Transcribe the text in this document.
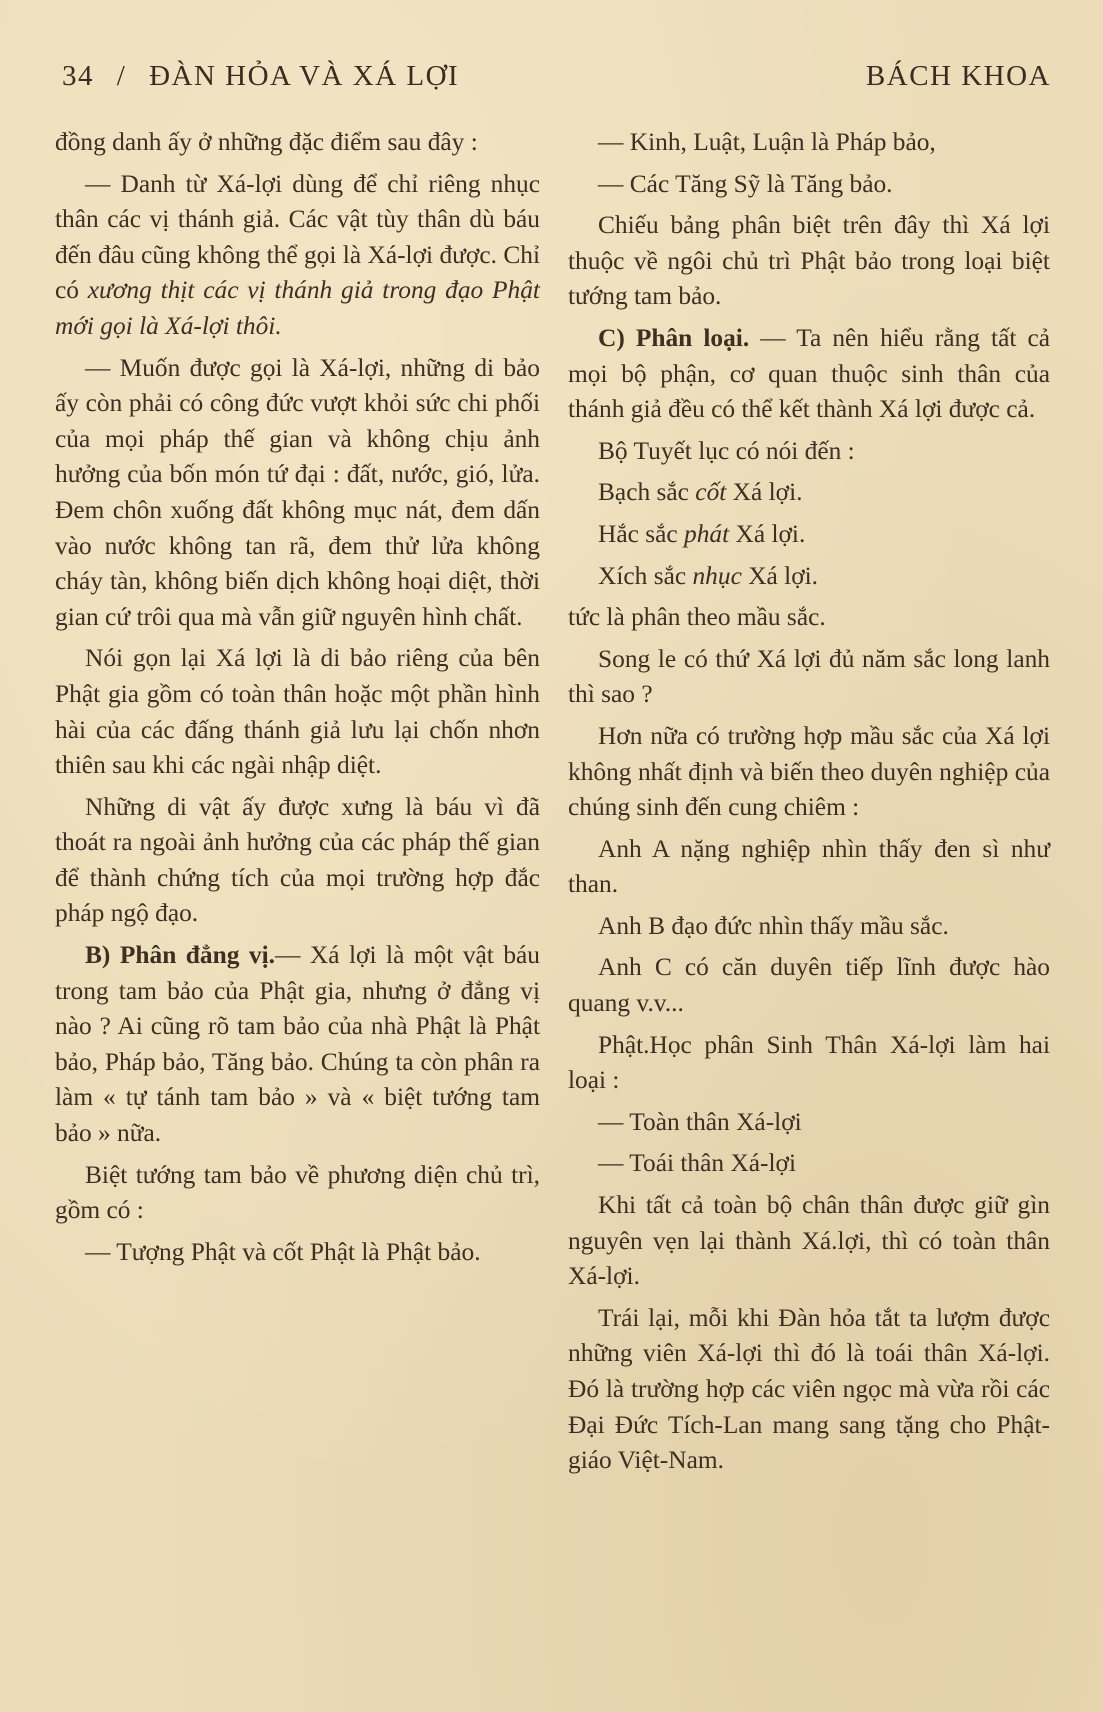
34 / ĐÀN HỎA VÀ XÁ LỢI	BÁCH KHOA

đồng danh ấy ở những đặc điểm sau đây :

— Danh từ Xá-lợi dùng để chỉ riêng nhục thân các vị thánh giả. Các vật tùy thân dù báu đến đâu cũng không thể gọi là Xá-lợi được. Chỉ có xương thịt các vị thánh giả trong đạo Phật mới gọi là Xá-lợi thôi.

— Muốn được gọi là Xá-lợi, những di bảo ấy còn phải có công đức vượt khỏi sức chi phối của mọi pháp thế gian và không chịu ảnh hưởng của bốn món tứ đại : đất, nước, gió, lửa. Đem chôn xuống đất không mục nát, đem dấn vào nước không tan rã, đem thử lửa không cháy tàn, không biến dịch không hoại diệt, thời gian cứ trôi qua mà vẫn giữ nguyên hình chất.

Nói gọn lại Xá lợi là di bảo riêng của bên Phật gia gồm có toàn thân hoặc một phần hình hài của các đấng thánh giả lưu lại chốn nhơn thiên sau khi các ngài nhập diệt.

Những di vật ấy được xưng là báu vì đã thoát ra ngoài ảnh hưởng của các pháp thế gian để thành chứng tích của mọi trường hợp đắc pháp ngộ đạo.

B) Phân đẳng vị.— Xá lợi là một vật báu trong tam bảo của Phật gia, nhưng ở đẳng vị nào ? Ai cũng rõ tam bảo của nhà Phật là Phật bảo, Pháp bảo, Tăng bảo. Chúng ta còn phân ra làm « tự tánh tam bảo » và « biệt tướng tam bảo » nữa.

Biệt tướng tam bảo về phương diện chủ trì, gồm có :

— Tượng Phật và cốt Phật là Phật bảo.

— Kinh, Luật, Luận là Pháp bảo,

— Các Tăng Sỹ là Tăng bảo.

Chiếu bảng phân biệt trên đây thì Xá lợi thuộc về ngôi chủ trì Phật bảo trong loại biệt tướng tam bảo.

C) Phân loại. — Ta nên hiểu rằng tất cả mọi bộ phận, cơ quan thuộc sinh thân của thánh giả đều có thể kết thành Xá lợi được cả.

Bộ Tuyết lục có nói đến :

Bạch sắc cốt Xá lợi.

Hắc sắc phát Xá lợi.

Xích sắc nhục Xá lợi.

tức là phân theo mầu sắc.

Song le có thứ Xá lợi đủ năm sắc long lanh thì sao ?

Hơn nữa có trường hợp mầu sắc của Xá lợi không nhất định và biến theo duyên nghiệp của chúng sinh đến cung chiêm :

Anh A nặng nghiệp nhìn thấy đen sì như than.

Anh B đạo đức nhìn thấy mầu sắc.

Anh C có căn duyên tiếp lĩnh được hào quang v.v...

Phật.Học phân Sinh Thân Xá-lợi làm hai loại :

— Toàn thân Xá-lợi

— Toái thân Xá-lợi

Khi tất cả toàn bộ chân thân được giữ gìn nguyên vẹn lại thành Xá.lợi, thì có toàn thân Xá-lợi.

Trái lại, mỗi khi Đàn hỏa tắt ta lượm được những viên Xá-lợi thì đó là toái thân Xá-lợi. Đó là trường hợp các viên ngọc mà vừa rồi các Đại Đức Tích-Lan mang sang tặng cho Phật-giáo Việt-Nam.
